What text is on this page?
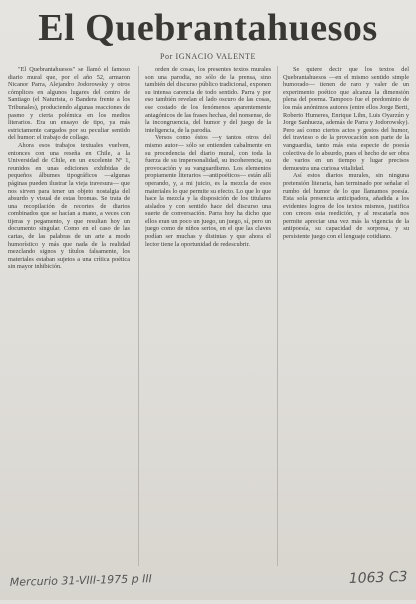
El Quebrantahuesos
Por IGNACIO VALENTE

"El Quebrantahuesos" se llamó el famoso diario mural que, por el año 52, armaron Nicanor Parra, Alejandro Jodorowsky y otros cómplices en algunos lugares del centro de Santiago (el Naturista, o Bandera frente a los Tribunales), produciendo algunas reacciones de pasmo y cierta polémica en los medios literarios. Era un ensayo de tipo, ya más estrictamente cargados por su peculiar sentido del humor: el trabajo de collage.

Ahora esos trabajos textuales vuelven, entonces con una reseña en Chile, a la Universidad de Chile, en un excelente Nº 1, reunidos en unas ediciones exhibidas de pequeños álbumes tipográficos —algunas páginas pueden ilustrar la vieja travesura— que nos sirven para tener un objeto nostalgia del absurdo y visual de estas bromas. Se trata de una recopilación de recortes de diarios combinados que se hacían a mano, a veces con tijeras y pegamento, y que resultan hoy un documento singular. Como en el caso de las cartas, de las palabras de un arte a modo humorístico y más que nada de la realidad mezclando signos y títulos falsamente, los materiales estaban sujetos a una crítica poética sin mayor inhibición.

orden de cosas, los presentes textos murales son una parodia, no sólo de la prensa, sino también del discurso público tradicional, exponen su intensa carencia de todo sentido. Parra y por eso también revelan el lado oscuro de las cosas, ese costado de los fenómenos aparentemente antagónicos de las frases hechas, del nonsense, de la incongruencia, del humor y del juego de la inteligencia, de la parodia.

Versos como éstos —y tantos otros del mismo autor— sólo se entienden cabalmente en su procedencia del diario mural, con toda la fuerza de su impersonalidad, su incoherencia, su provocación y su vanguardismo. Los elementos propiamente literarios —antipoéticos— están allí operando, y, a mi juicio, es la mezcla de esos materiales lo que permite su efecto. Lo que lo que hace la mezcla y la disposición de los titulares aislados y con sentido hace del discurso una suerte de conversación. Parra hoy ha dicho que ellos eran un poco un juego, un juego, sí, pero un juego como de niños serios, en el que las claves podían ser muchas y distintas y que ahora el lector tiene la oportunidad de redescubrir.

Se quiere decir que los textos del Quebrantahuesos —en el mismo sentido simple humorado— tienen de raro y valer de un experimento poético que alcanza la dimensión plena del poema. Tampoco fue el predominio de los más anónimos autores (entre ellos Jorge Berti, Roberto Humeres, Enrique Lihn, Luis Oyarzún y Jorge Sanhueza, además de Parra y Jodorowsky). Pero así como ciertos actos y gestos del humor, del travieso o de la provocación son parte de la vanguardia, tanto más esta especie de poesía colectiva de lo absurdo, pues el hecho de ser obra de varios en un tiempo y lugar precisos demuestra una curiosa vitalidad.

Así estos diarios murales, sin ninguna pretensión literaria, han terminado por señalar el rumbo del humor de lo que llamamos poesía. Esta sola presencia anticipadora, añadida a los evidentes logros de los textos mismos, justifica con creces esta reedición, y al rescatarla nos permite apreciar una vez más la vigencia de la antipoesía, su capacidad de sorpresa, y su persistente juego con el lenguaje cotidiano.

Mercurio 31-VIII-1975 p III	1063 C3
